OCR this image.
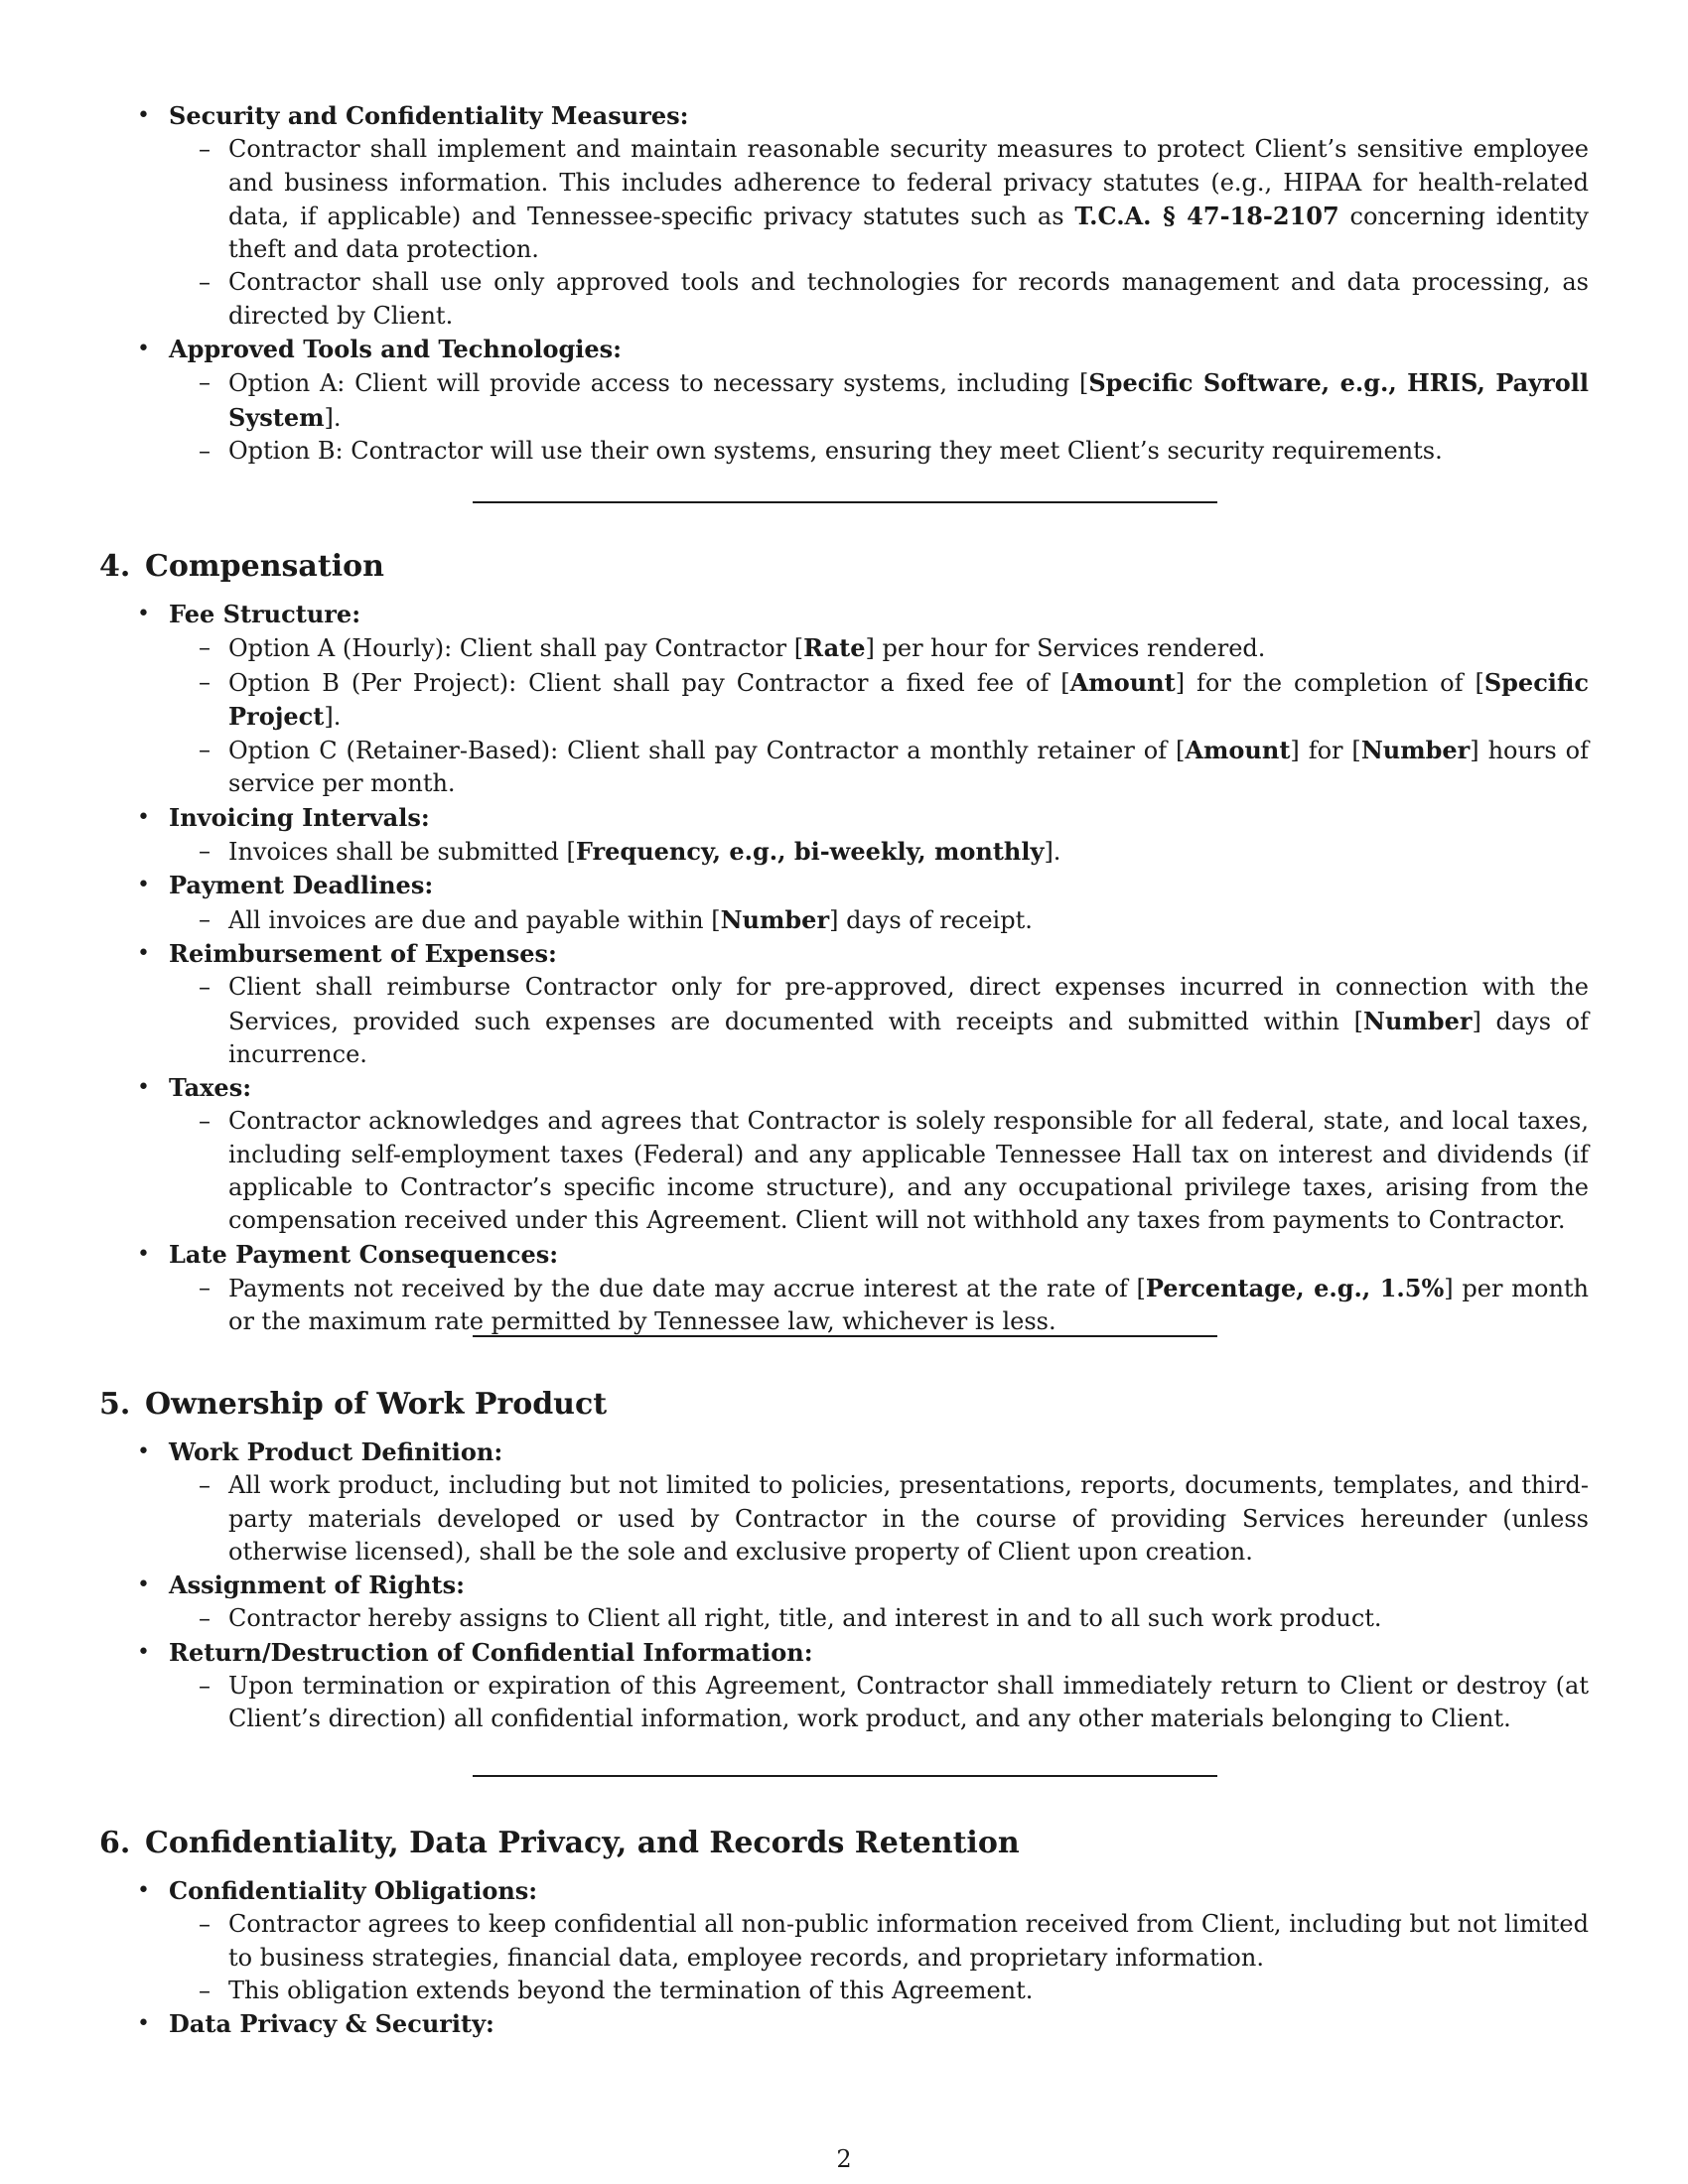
• Security and Confidentiality Measures:
– Contractor shall implement and maintain reasonable security measures to protect Client’s sensitive employee and business information. This includes adherence to federal privacy statutes (e.g., HIPAA for health-related data, if applicable) and Tennessee-specific privacy statutes such as T.C.A. § 47-18-2107 concerning identity theft and data protection.
– Contractor shall use only approved tools and technologies for records management and data processing, as directed by Client.
• Approved Tools and Technologies:
– Option A: Client will provide access to necessary systems, including [Specific Software, e.g., HRIS, Payroll System].
– Option B: Contractor will use their own systems, ensuring they meet Client’s security requirements.
4. Compensation
• Fee Structure:
– Option A (Hourly): Client shall pay Contractor [Rate] per hour for Services rendered.
– Option B (Per Project): Client shall pay Contractor a fixed fee of [Amount] for the completion of [Specific Project].
– Option C (Retainer-Based): Client shall pay Contractor a monthly retainer of [Amount] for [Number] hours of service per month.
• Invoicing Intervals:
– Invoices shall be submitted [Frequency, e.g., bi-weekly, monthly].
• Payment Deadlines:
– All invoices are due and payable within [Number] days of receipt.
• Reimbursement of Expenses:
– Client shall reimburse Contractor only for pre-approved, direct expenses incurred in connection with the Services, provided such expenses are documented with receipts and submitted within [Number] days of incurrence.
• Taxes:
– Contractor acknowledges and agrees that Contractor is solely responsible for all federal, state, and local taxes, including self-employment taxes (Federal) and any applicable Tennessee Hall tax on interest and dividends (if applicable to Contractor’s specific income structure), and any occupational privilege taxes, arising from the compensation received under this Agreement. Client will not withhold any taxes from payments to Contractor.
• Late Payment Consequences:
– Payments not received by the due date may accrue interest at the rate of [Percentage, e.g., 1.5%] per month or the maximum rate permitted by Tennessee law, whichever is less.
5. Ownership of Work Product
• Work Product Definition:
– All work product, including but not limited to policies, presentations, reports, documents, templates, and third-party materials developed or used by Contractor in the course of providing Services hereunder (unless otherwise licensed), shall be the sole and exclusive property of Client upon creation.
• Assignment of Rights:
– Contractor hereby assigns to Client all right, title, and interest in and to all such work product.
• Return/Destruction of Confidential Information:
– Upon termination or expiration of this Agreement, Contractor shall immediately return to Client or destroy (at Client’s direction) all confidential information, work product, and any other materials belonging to Client.
6. Confidentiality, Data Privacy, and Records Retention
• Confidentiality Obligations:
– Contractor agrees to keep confidential all non-public information received from Client, including but not limited to business strategies, financial data, employee records, and proprietary information.
– This obligation extends beyond the termination of this Agreement.
• Data Privacy & Security:
2
